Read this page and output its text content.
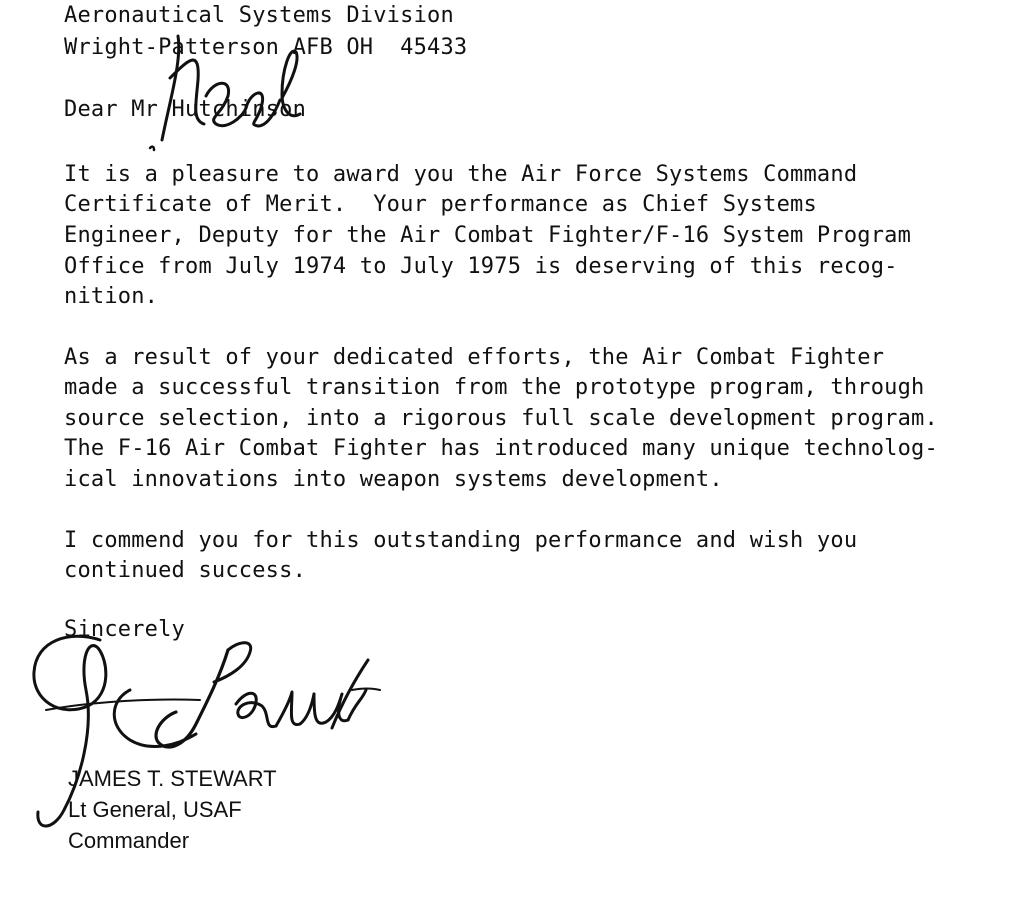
Aeronautical Systems Division
Wright-Patterson AFB OH  45433
Dear Mr Hutchinson
It is a pleasure to award you the Air Force Systems Command
Certificate of Merit.  Your performance as Chief Systems
Engineer, Deputy for the Air Combat Fighter/F-16 System Program
Office from July 1974 to July 1975 is deserving of this recog-
nition.
As a result of your dedicated efforts, the Air Combat Fighter
made a successful transition from the prototype program, through
source selection, into a rigorous full scale development program.
The F-16 Air Combat Fighter has introduced many unique technolog-
ical innovations into weapon systems development.
I commend you for this outstanding performance and wish you
continued success.
Sincerely
JAMES T. STEWART
Lt General, USAF
Commander
